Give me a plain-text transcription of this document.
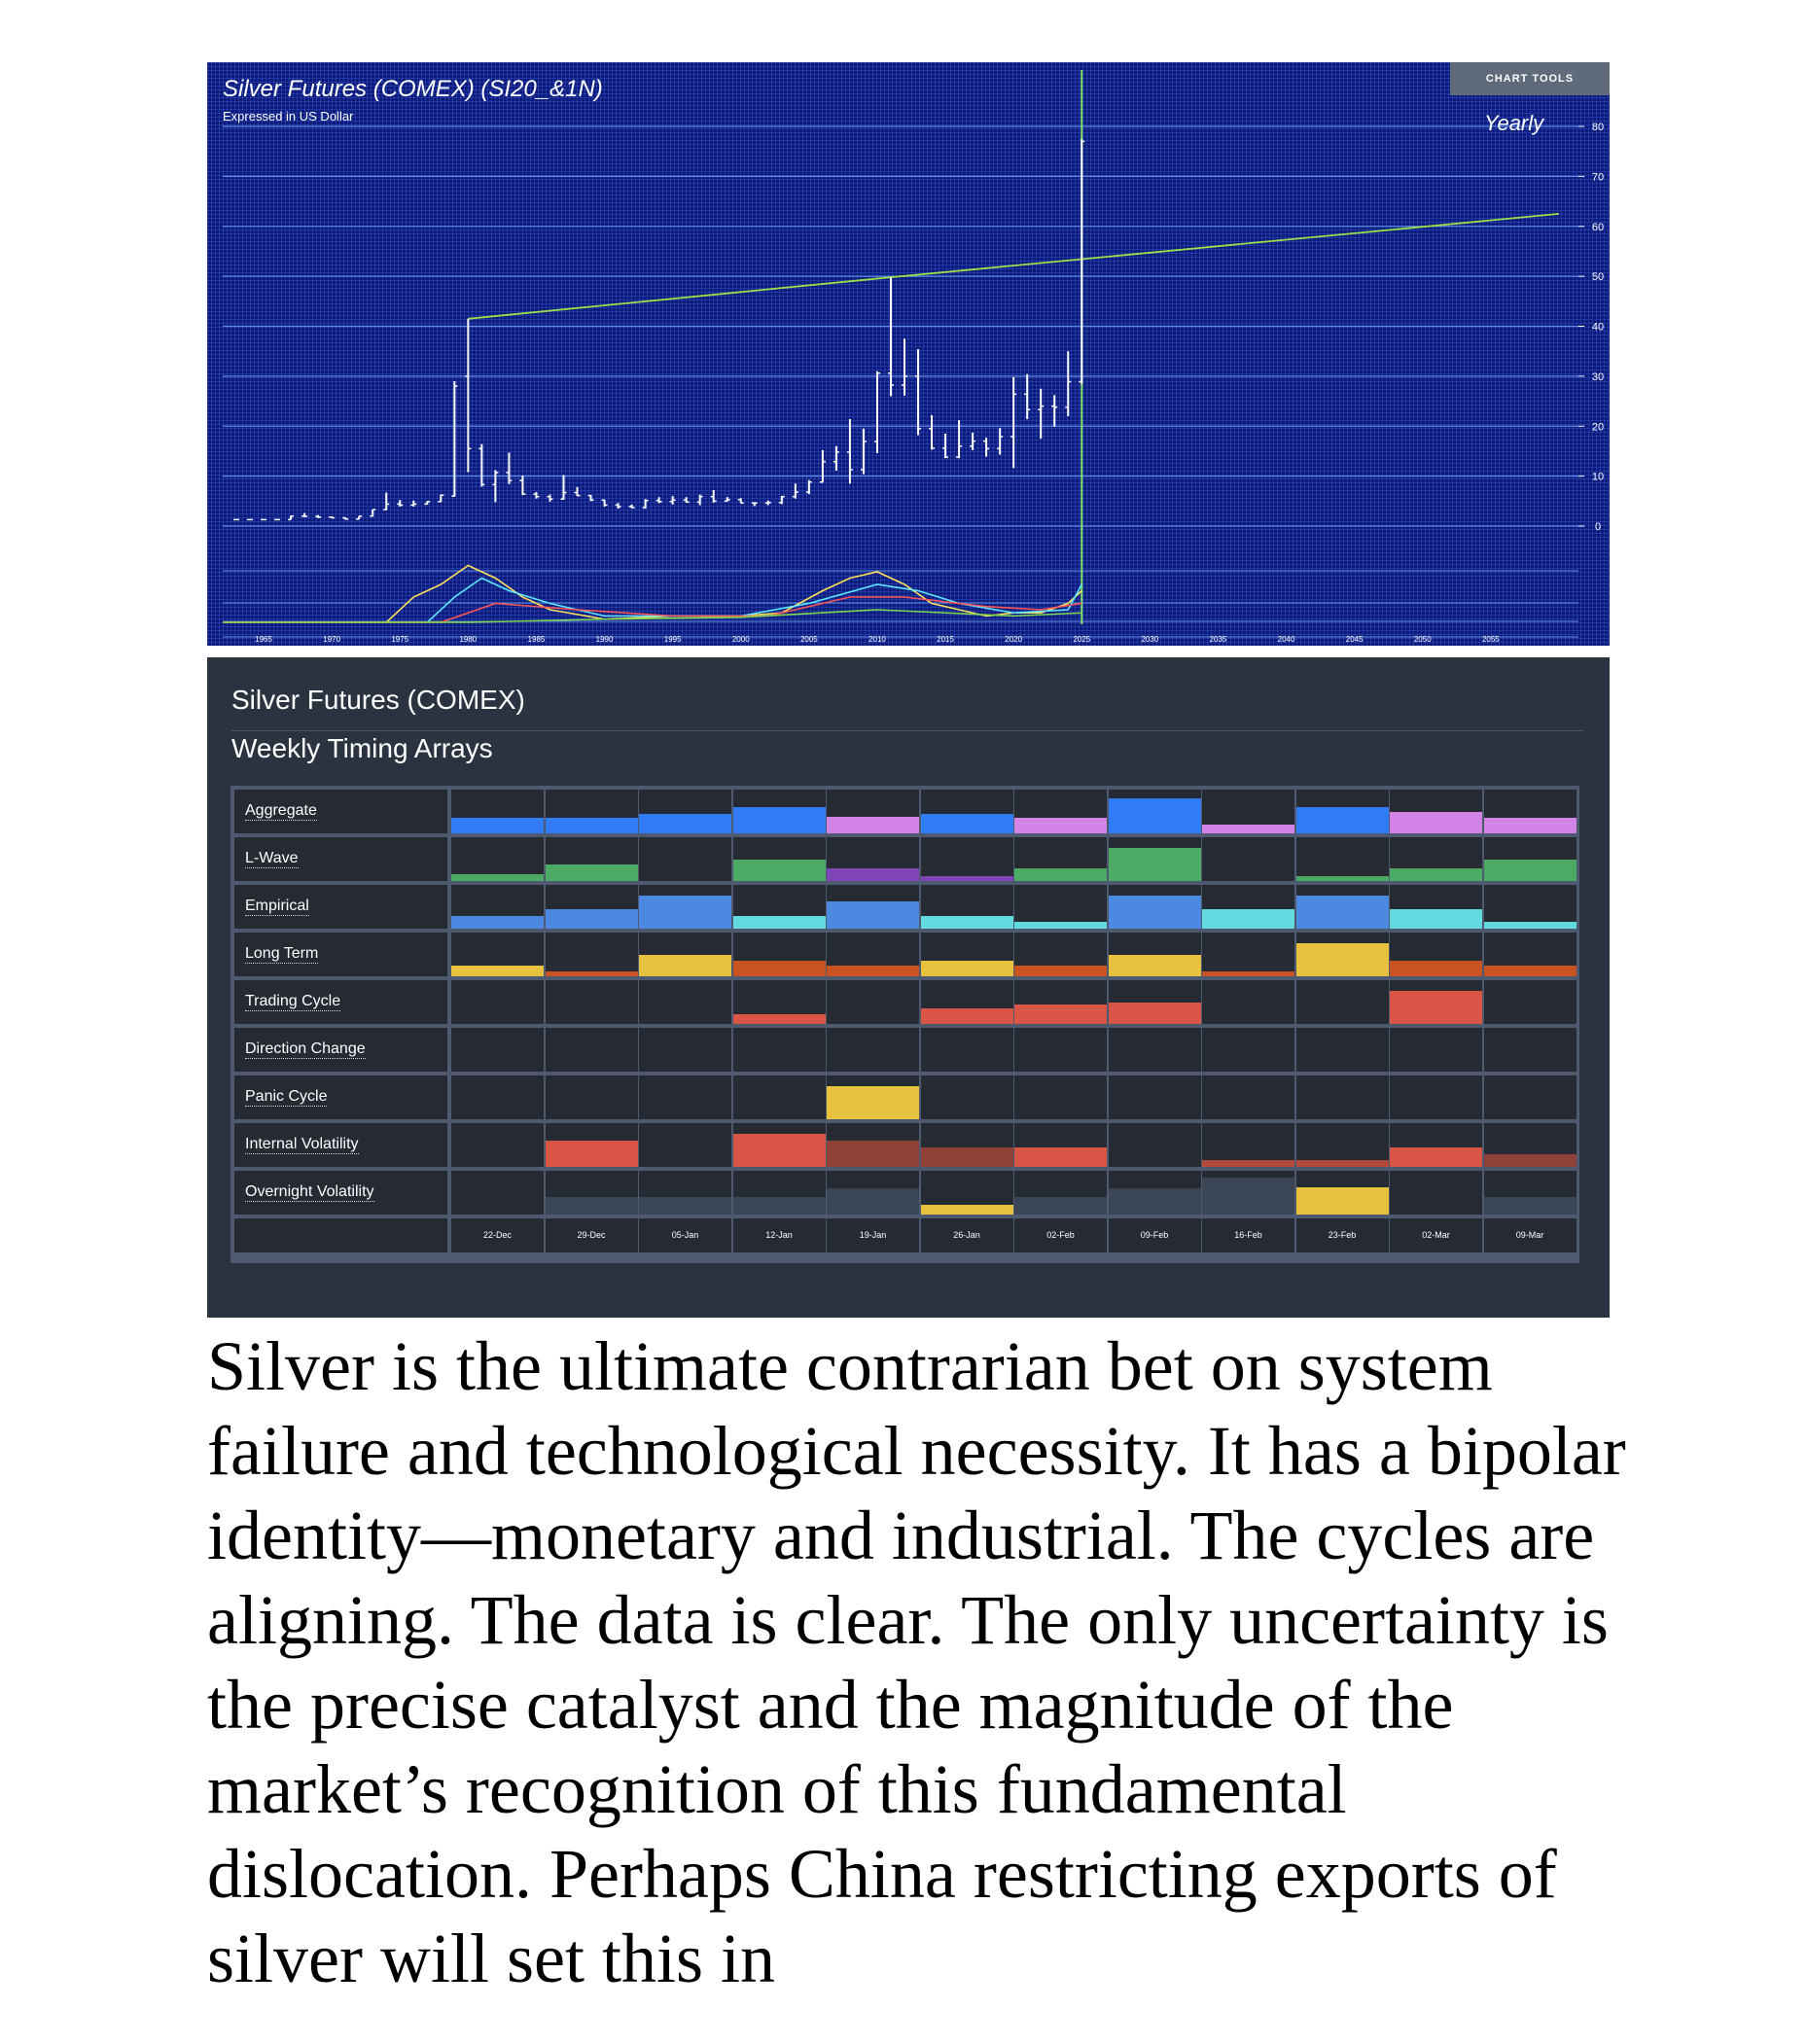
80
70
60
50
40
30
20
10
0
1965	1970	1975	1980	1985	1990	1995	2000	2005	2010	2015	2020	2025	2030	2035	2040	2045	2050	2055
Silver Futures (COMEX) (SI20_&1N)
Expressed in US Dollar
CHART TOOLS
Yearly
Silver Futures (COMEX)
Weekly Timing Arrays
Aggregate
L-Wave
Empirical
Long Term
Trading Cycle
Direction Change
Panic Cycle
Internal Volatility
Overnight Volatility
22-Dec	29-Dec	05-Jan	12-Jan	19-Jan	26-Jan	02-Feb	09-Feb	16-Feb	23-Feb	02-Mar	09-Mar

Silver is the ultimate contrarian bet on system failure and technological necessity. It has a bipolar identity—monetary and industrial. The cycles are aligning. The data is clear. The only uncertainty is the precise catalyst and the magnitude of the market’s recognition of this fundamental dislocation. Perhaps China restricting exports of silver will set this in
